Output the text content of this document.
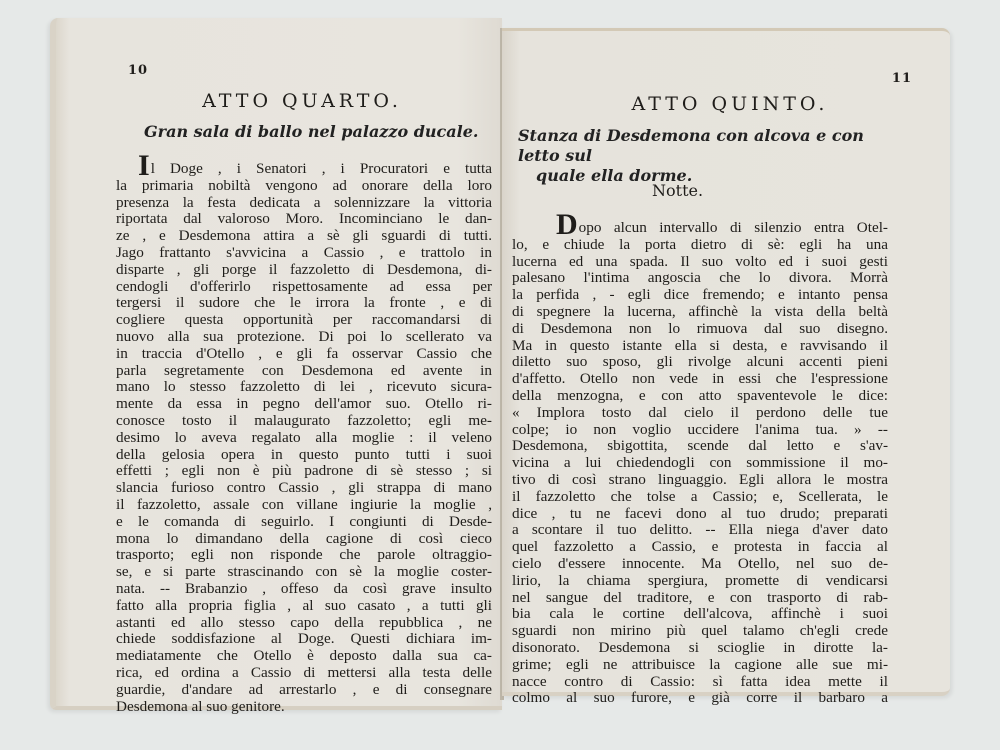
10
ATTO QUARTO.
Gran sala di ballo nel palazzo ducale.
Il Doge , i Senatori , i Procuratori e tutta
la primaria nobiltà vengono ad onorare della loro
presenza la festa dedicata a solennizzare la vittoria
riportata dal valoroso Moro. Incominciano le dan-
ze , e Desdemona attira a sè gli sguardi di tutti.
Jago frattanto s'avvicina a Cassio , e trattolo in
disparte , gli porge il fazzoletto di Desdemona, di-
cendogli d'offerirlo rispettosamente ad essa per
tergersi il sudore che le irrora la fronte , e di
cogliere questa opportunità per raccomandarsi di
nuovo alla sua protezione. Di poi lo scellerato va
in traccia d'Otello , e gli fa osservar Cassio che
parla segretamente con Desdemona ed avente in
mano lo stesso fazzoletto di lei , ricevuto sicura-
mente da essa in pegno dell'amor suo. Otello ri-
conosce tosto il malaugurato fazzoletto; egli me-
desimo lo aveva regalato alla moglie : il veleno
della gelosia opera in questo punto tutti i suoi
effetti ; egli non è più padrone di sè stesso ; si
slancia furioso contro Cassio , gli strappa di mano
il fazzoletto, assale con villane ingiurie la moglie ,
e le comanda di seguirlo. I congiunti di Desde-
mona lo dimandano della cagione di così cieco
trasporto; egli non risponde che parole oltraggio-
se, e si parte strascinando con sè la moglie coster-
nata. -- Brabanzio , offeso da così grave insulto
fatto alla propria figlia , al suo casato , a tutti gli
astanti ed allo stesso capo della repubblica , ne
chiede soddisfazione al Doge. Questi dichiara im-
mediatamente che Otello è deposto dalla sua ca-
rica, ed ordina a Cassio di mettersi alla testa delle
guardie, d'andare ad arrestarlo , e di consegnare
Desdemona al suo genitore.
11
ATTO QUINTO.
Stanza di Desdemona con alcova e con letto sul
quale ella dorme.
Notte.
Dopo alcun intervallo di silenzio entra Otel-
lo, e chiude la porta dietro di sè: egli ha una
lucerna ed una spada. Il suo volto ed i suoi gesti
palesano l'intima angoscia che lo divora. Morrà
la perfida , - egli dice fremendo; e intanto pensa
di spegnere la lucerna, affinchè la vista della beltà
di Desdemona non lo rimuova dal suo disegno.
Ma in questo istante ella si desta, e ravvisando il
diletto suo sposo, gli rivolge alcuni accenti pieni
d'affetto. Otello non vede in essi che l'espressione
della menzogna, e con atto spaventevole le dice:
« Implora tosto dal cielo il perdono delle tue
colpe; io non voglio uccidere l'anima tua. » --
Desdemona, sbigottita, scende dal letto e s'av-
vicina a lui chiedendogli con sommissione il mo-
tivo di così strano linguaggio. Egli allora le mostra
il fazzoletto che tolse a Cassio; e, Scellerata, le
dice , tu ne facevi dono al tuo drudo; preparati
a scontare il tuo delitto. -- Ella niega d'aver dato
quel fazzoletto a Cassio, e protesta in faccia al
cielo d'essere innocente. Ma Otello, nel suo de-
lirio, la chiama spergiura, promette di vendicarsi
nel sangue del traditore, e con trasporto di rab-
bia cala le cortine dell'alcova, affinchè i suoi
sguardi non mirino più quel talamo ch'egli crede
disonorato. Desdemona si scioglie in dirotte la-
grime; egli ne attribuisce la cagione alle sue mi-
nacce contro di Cassio: sì fatta idea mette il
colmo al suo furore, e già corre il barbaro a
